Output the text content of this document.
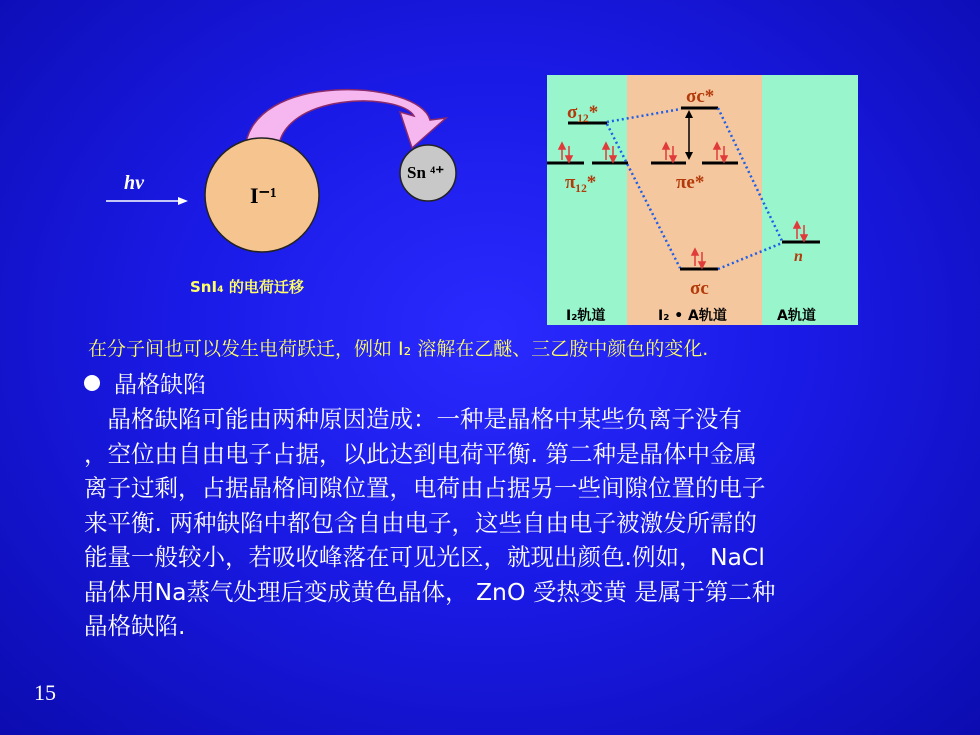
hv	I⁻¹
Sn ⁴⁺
SnI₄ 的电荷迁移
σ₁₂*
σc*
π₁₂*	πe*
n
σc
I₂轨道	I₂ • A轨道	A轨道
在分子间也可以发生电荷跃迁，例如 I₂ 溶解在乙醚、三乙胺中颜色的变化.
晶格缺陷
　晶格缺陷可能由两种原因造成：一种是晶格中某些负离子没有
，空位由自由电子占据，以此达到电荷平衡. 第二种是晶体中金属
离子过剩，占据晶格间隙位置，电荷由占据另一些间隙位置的电子
来平衡. 两种缺陷中都包含自由电子，这些自由电子被激发所需的
能量一般较小，若吸收峰落在可见光区，就现出颜色.例如， NaCl
晶体用Na蒸气处理后变成黄色晶体， ZnO 受热变黄 是属于第二种
晶格缺陷.
15
